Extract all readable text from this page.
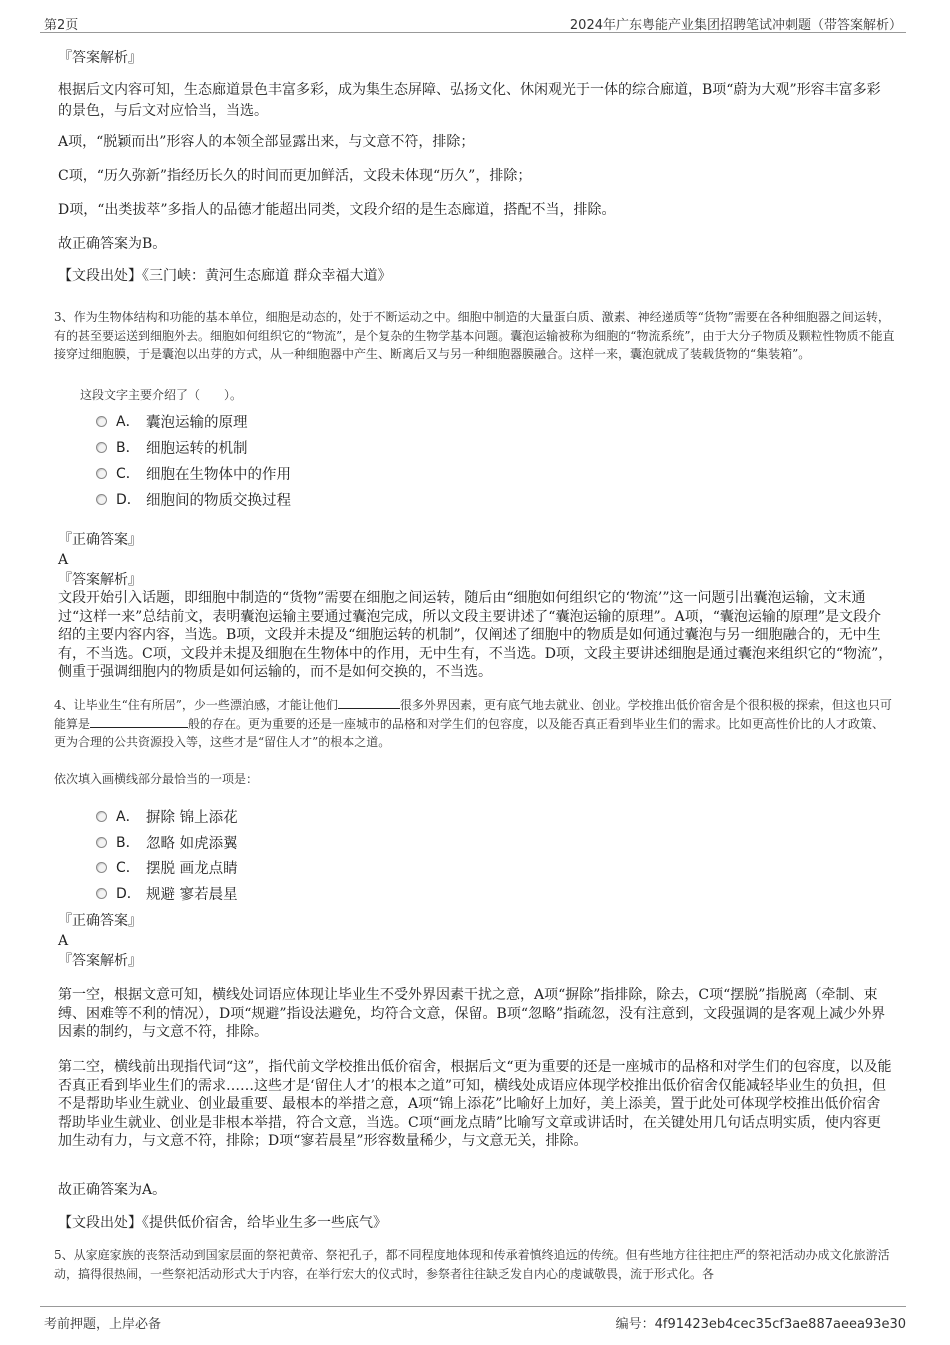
第2页	2024年广东粤能产业集团招聘笔试冲刺题（带答案解析）
『答案解析』
根据后文内容可知，生态廊道景色丰富多彩，成为集生态屏障、弘扬文化、休闲观光于一体的综合廊道，B项“蔚为大观”形容丰富多彩的景色，与后文对应恰当，当选。
A项，“脱颖而出”形容人的本领全部显露出来，与文意不符，排除；
C项，“历久弥新”指经历长久的时间而更加鲜活，文段未体现“历久”，排除；
D项，“出类拔萃”多指人的品德才能超出同类，文段介绍的是生态廊道，搭配不当，排除。
故正确答案为B。
【文段出处】《三门峡：黄河生态廊道 群众幸福大道》
3、作为生物体结构和功能的基本单位，细胞是动态的，处于不断运动之中。细胞中制造的大量蛋白质、激素、神经递质等“货物”需要在各种细胞器之间运转，有的甚至要运送到细胞外去。细胞如何组织它的“物流”，是个复杂的生物学基本问题。囊泡运输被称为细胞的“物流系统”，由于大分子物质及颗粒性物质不能直接穿过细胞膜，于是囊泡以出芽的方式，从一种细胞器中产生、断离后又与另一种细胞器膜融合。这样一来，囊泡就成了装载货物的“集装箱”。
这段文字主要介绍了（　　）。
A． 囊泡运输的原理
B． 细胞运转的机制
C． 细胞在生物体中的作用
D． 细胞间的物质交换过程
『正确答案』
A
『答案解析』
文段开始引入话题，即细胞中制造的“货物”需要在细胞之间运转，随后由“细胞如何组织它的‘物流’”这一问题引出囊泡运输，文末通过“这样一来”总结前文，表明囊泡运输主要通过囊泡完成，所以文段主要讲述了“囊泡运输的原理”。A项，“囊泡运输的原理”是文段介绍的主要内容内容，当选。B项，文段并未提及“细胞运转的机制”，仅阐述了细胞中的物质是如何通过囊泡与另一细胞融合的，无中生有，不当选。C项，文段并未提及细胞在生物体中的作用，无中生有，不当选。D项，文段主要讲述细胞是通过囊泡来组织它的“物流”，侧重于强调细胞内的物质是如何运输的，而不是如何交换的，不当选。
4、让毕业生“住有所居”，少一些漂泊感，才能让他们	很多外界因素，更有底气地去就业、创业。学校推出低价宿舍是个很积极的探索，但这也只可能算是	般的存在。更为重要的还是一座城市的品格和对学生们的包容度，以及能否真正看到毕业生们的需求。比如更高性价比的人才政策、更为合理的公共资源投入等，这些才是“留住人才”的根本之道。
依次填入画横线部分最恰当的一项是：
A． 摒除 锦上添花
B． 忽略 如虎添翼
C． 摆脱 画龙点睛
D． 规避 寥若晨星
『正确答案』
A
『答案解析』
第一空，根据文意可知，横线处词语应体现让毕业生不受外界因素干扰之意，A项“摒除”指排除，除去，C项“摆脱”指脱离（牵制、束缚、困难等不利的情况），D项“规避”指设法避免，均符合文意，保留。B项“忽略”指疏忽，没有注意到，文段强调的是客观上减少外界因素的制约，与文意不符，排除。
第二空，横线前出现指代词“这”，指代前文学校推出低价宿舍，根据后文“更为重要的还是一座城市的品格和对学生们的包容度，以及能否真正看到毕业生们的需求……这些才是‘留住人才’的根本之道”可知，横线处成语应体现学校推出低价宿舍仅能减轻毕业生的负担，但不是帮助毕业生就业、创业最重要、最根本的举措之意，A项“锦上添花”比喻好上加好，美上添美，置于此处可体现学校推出低价宿舍帮助毕业生就业、创业是非根本举措，符合文意，当选。C项“画龙点睛”比喻写文章或讲话时，在关键处用几句话点明实质，使内容更加生动有力，与文意不符，排除；D项“寥若晨星”形容数量稀少，与文意无关，排除。
故正确答案为A。
【文段出处】《提供低价宿舍，给毕业生多一些底气》
5、从家庭家族的丧祭活动到国家层面的祭祀黄帝、祭祀孔子，都不同程度地体现和传承着慎终追远的传统。但有些地方往往把庄严的祭祀活动办成文化旅游活动，搞得很热闹，一些祭祀活动形式大于内容，在举行宏大的仪式时，参祭者往往缺乏发自内心的虔诚敬畏，流于形式化。各
考前押题，上岸必备	编号：4f91423eb4cec35cf3ae887aeea93e30
